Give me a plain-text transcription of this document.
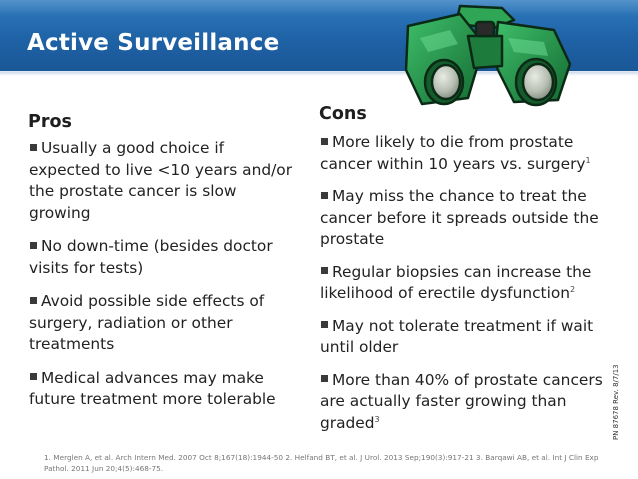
Active Surveillance
Pros
Usually a good choice if expected to live <10 years and/or the prostate cancer is slow growing
No down-time (besides doctor visits for tests)
Avoid possible side effects of surgery, radiation or other treatments
Medical advances may make future treatment more tolerable
Cons
More likely to die from prostate cancer within 10 years vs. surgery$^1$
May miss the chance to treat the cancer before it spreads outside the prostate
Regular biopsies can increase the likelihood of erectile dysfunction$^2$
May not tolerate treatment if wait until older
More than 40% of prostate cancers are actually faster growing than graded$^3$	PN 87678 Rev. 8/7/13
1. Merglen A, et al. Arch Intern Med. 2007 Oct 8;167(18):1944-50 2. Helfand BT, et al. J Urol. 2013 Sep;190(3):917-21 3. Barqawi AB, et al. Int J Clin Exp Pathol. 2011 Jun 20;4(5):468-75.
